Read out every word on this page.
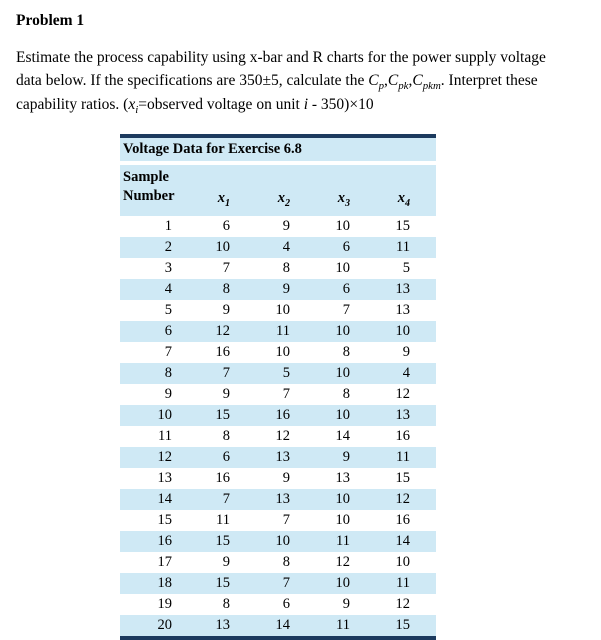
Problem 1

Estimate the process capability using x-bar and R charts for the power supply voltage data below. If the specifications are 350±5, calculate the $C_p,C_{pk},C_{pkm}$. Interpret these capability ratios. ($x_i=observed$ voltage on unit i - 350)×10

Voltage Data for Exercise 6.8
Sample
Number	$x_1$	$x_2$	$x_3$	$x_4$
1	6	9	10	15
2	10	4	6	11
3	7	8	10	5
4	8	9	6	13
5	9	10	7	13
6	12	11	10	10
7	16	10	8	9
8	7	5	10	4
9	9	7	8	12
10	15	16	10	13
11	8	12	14	16
12	6	13	9	11
13	16	9	13	15
14	7	13	10	12
15	11	7	10	16
16	15	10	11	14
17	9	8	12	10
18	15	7	10	11
19	8	6	9	12
20	13	14	11	15
